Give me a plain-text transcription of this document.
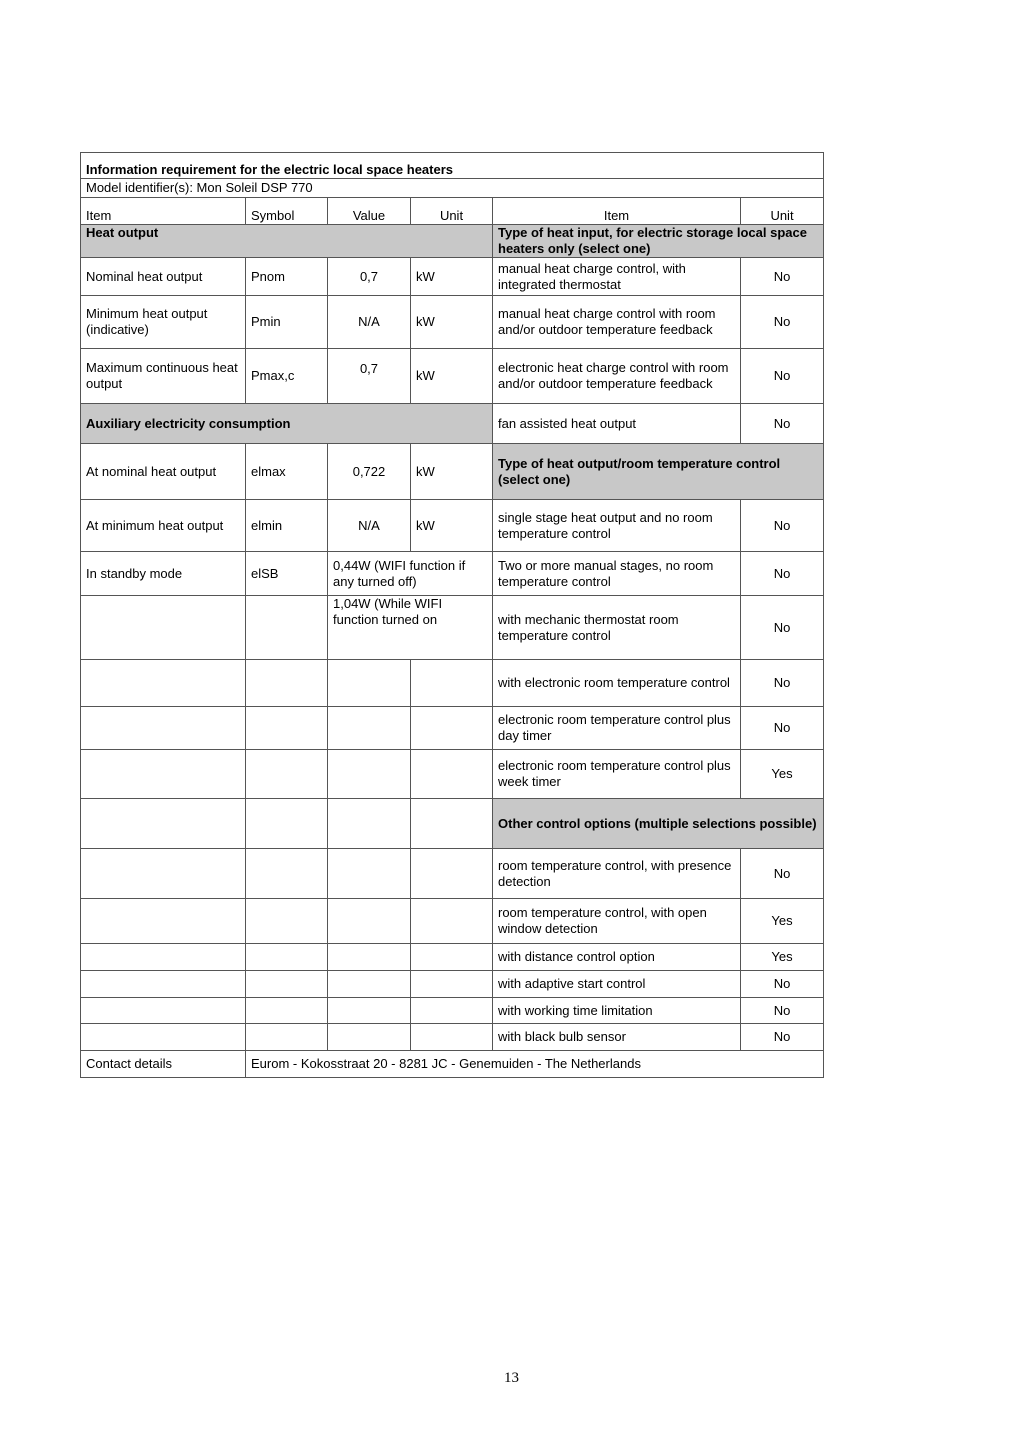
Information requirement for the electric local space heaters					
Model identifier(s): Mon Soleil DSP 770					
Item	Symbol	Value	Unit	Item	Unit
Heat output				Type of heat input, for electric storage local space heaters only (select one)	
Nominal heat output	Pnom	0,7	kW	manual heat charge control, with integrated thermostat	No
Minimum heat output (indicative)	Pmin	N/A	kW	manual heat charge control with room and/or outdoor temperature feedback	No
Maximum continuous heat output	Pmax,c	0,7	kW	electronic heat charge control with room and/or outdoor temperature feedback	No
Auxiliary electricity consumption				fan assisted heat output	No
At nominal heat output	elmax	0,722	kW	Type of heat output/room temperature control (select one)	
At minimum heat output	elmin	N/A	kW	single stage heat output and no room temperature control	No
In standby mode	elSB	0,44W (WIFI function if any turned off)		Two or more manual stages, no room temperature control	No
		1,04W (While WIFI function turned on		with mechanic thermostat room temperature control	No
				with electronic room temperature control	No
				electronic room temperature control plus day timer	No
				electronic room temperature control plus week timer	Yes
				Other control options (multiple selections possible)	
				room temperature control, with presence detection	No
				room temperature control, with open window detection	Yes
				with distance control option	Yes
				with adaptive start control	No
				with working time limitation	No
				with black bulb sensor	No
Contact details	Eurom - Kokosstraat 20 - 8281 JC - Genemuiden - The Netherlands				
13
